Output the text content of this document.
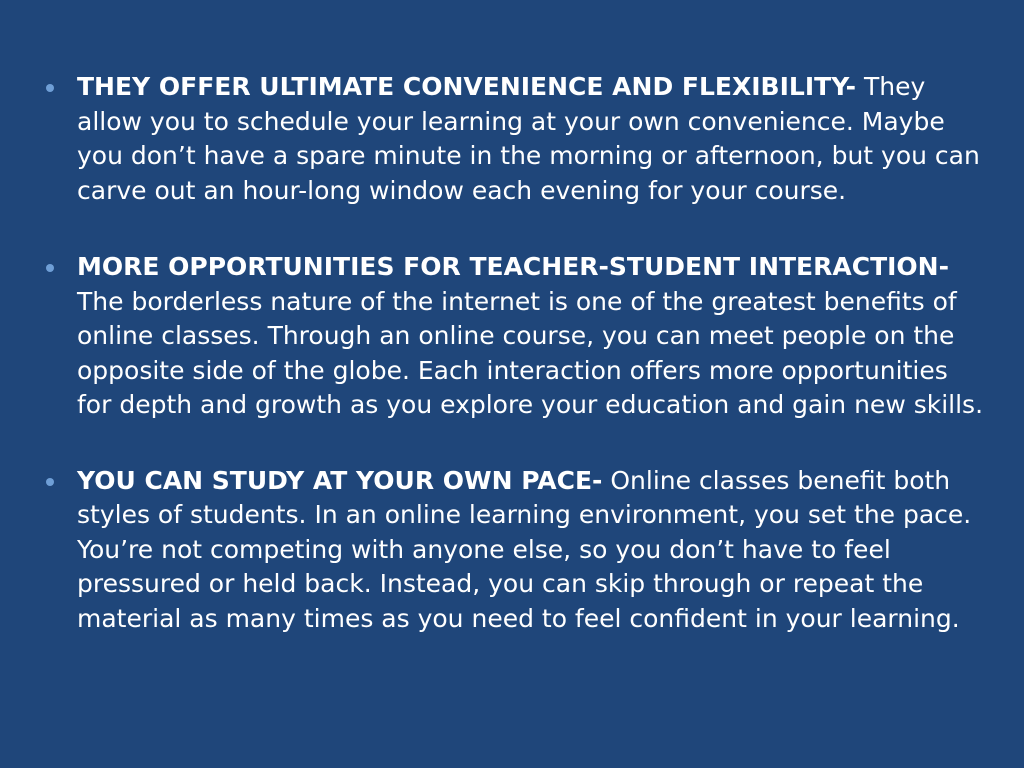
THEY OFFER ULTIMATE CONVENIENCE AND FLEXIBILITY- They allow you to schedule your learning at your own convenience. Maybe you don’t have a spare minute in the morning or afternoon, but you can carve out an hour-long window each evening for your course.
MORE OPPORTUNITIES FOR TEACHER-STUDENT INTERACTION- The borderless nature of the internet is one of the greatest benefits of online classes. Through an online course, you can meet people on the opposite side of the globe. Each interaction offers more opportunities for depth and growth as you explore your education and gain new skills.
YOU CAN STUDY AT YOUR OWN PACE- Online classes benefit both styles of students. In an online learning environment, you set the pace. You’re not competing with anyone else, so you don’t have to feel pressured or held back. Instead, you can skip through or repeat the material as many times as you need to feel confident in your learning.
